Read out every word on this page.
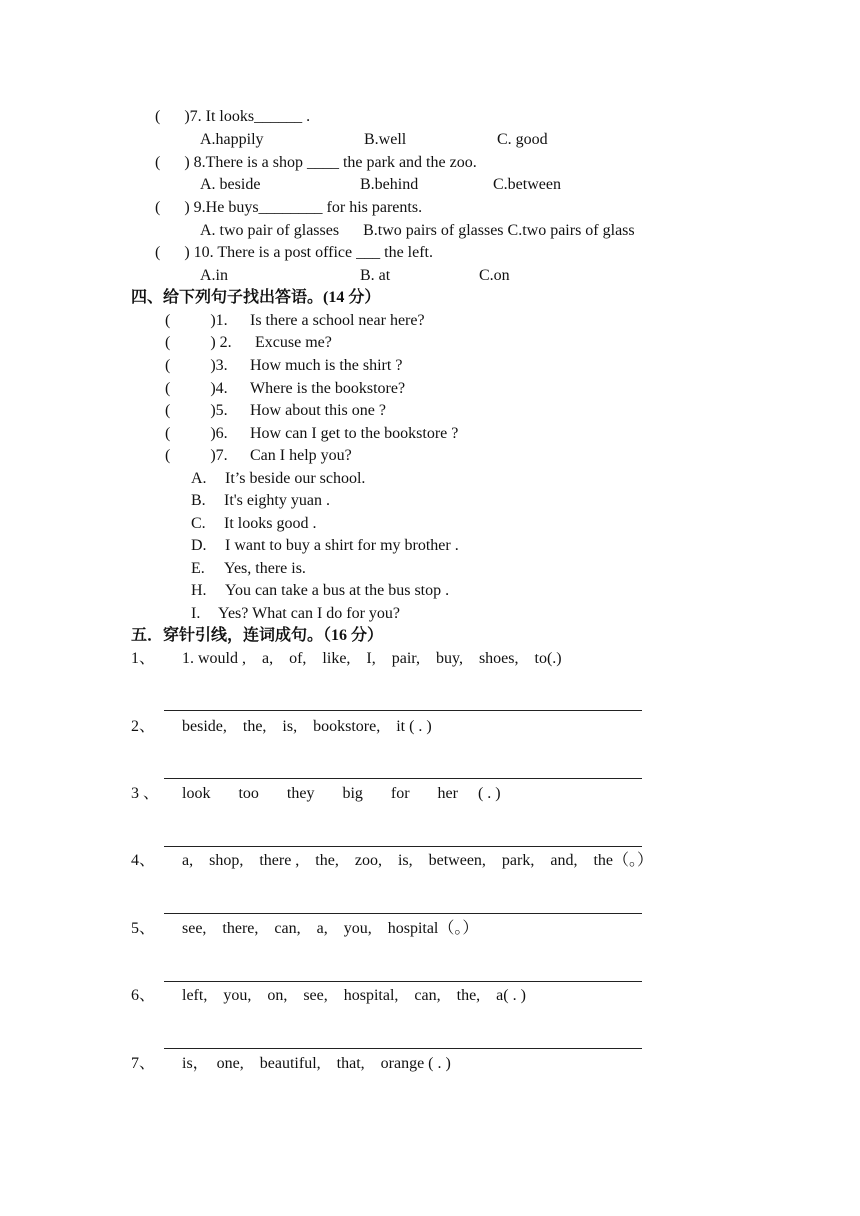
(      )7. It looks______ .
A.happily	B.well	C. good
(      ) 8.There is a shop ____ the park and the zoo.
A. beside	B.behind	C.between
(      ) 9.He buys________ for his parents.
A. two pair of glasses      B.two pairs of glasses C.two pairs of glass
(      ) 10. There is a post office ___ the left.
A.in	B. at	C.on
四、给下列句子找出答语。(14 分）
(          )1. Is there a school near here?
(          ) 2. Excuse me?
(          )3. How much is the shirt ?
(          )4. Where is the bookstore?
(          )5. How about this one ?
(          )6. How can I get to the bookstore ?
(          )7. Can I help you?
A. It’s beside our school.
B. It's eighty yuan .
C. It looks good .
D. I want to buy a shirt for my brother .
E. Yes, there is.
H. You can take a bus at the bus stop .
I. Yes? What can I do for you?
五．穿针引线，连词成句。（16 分）
1、 1. would ,    a,    of,    like,    I,    pair,    buy,    shoes,    to(.)
2、 beside,    the,    is,    bookstore,    it ( . )
3 、 look       too       they       big       for       her     ( . )
4、 a,    shop,    there ,    the,    zoo,    is,    between,    park,    and,    the（。）
5、 see,    there,    can,    a,    you,    hospital（。）
6、 left,    you,    on,    see,    hospital,    can,    the,    a( . )
7、 is，  one,    beautiful,    that,    orange ( . )
